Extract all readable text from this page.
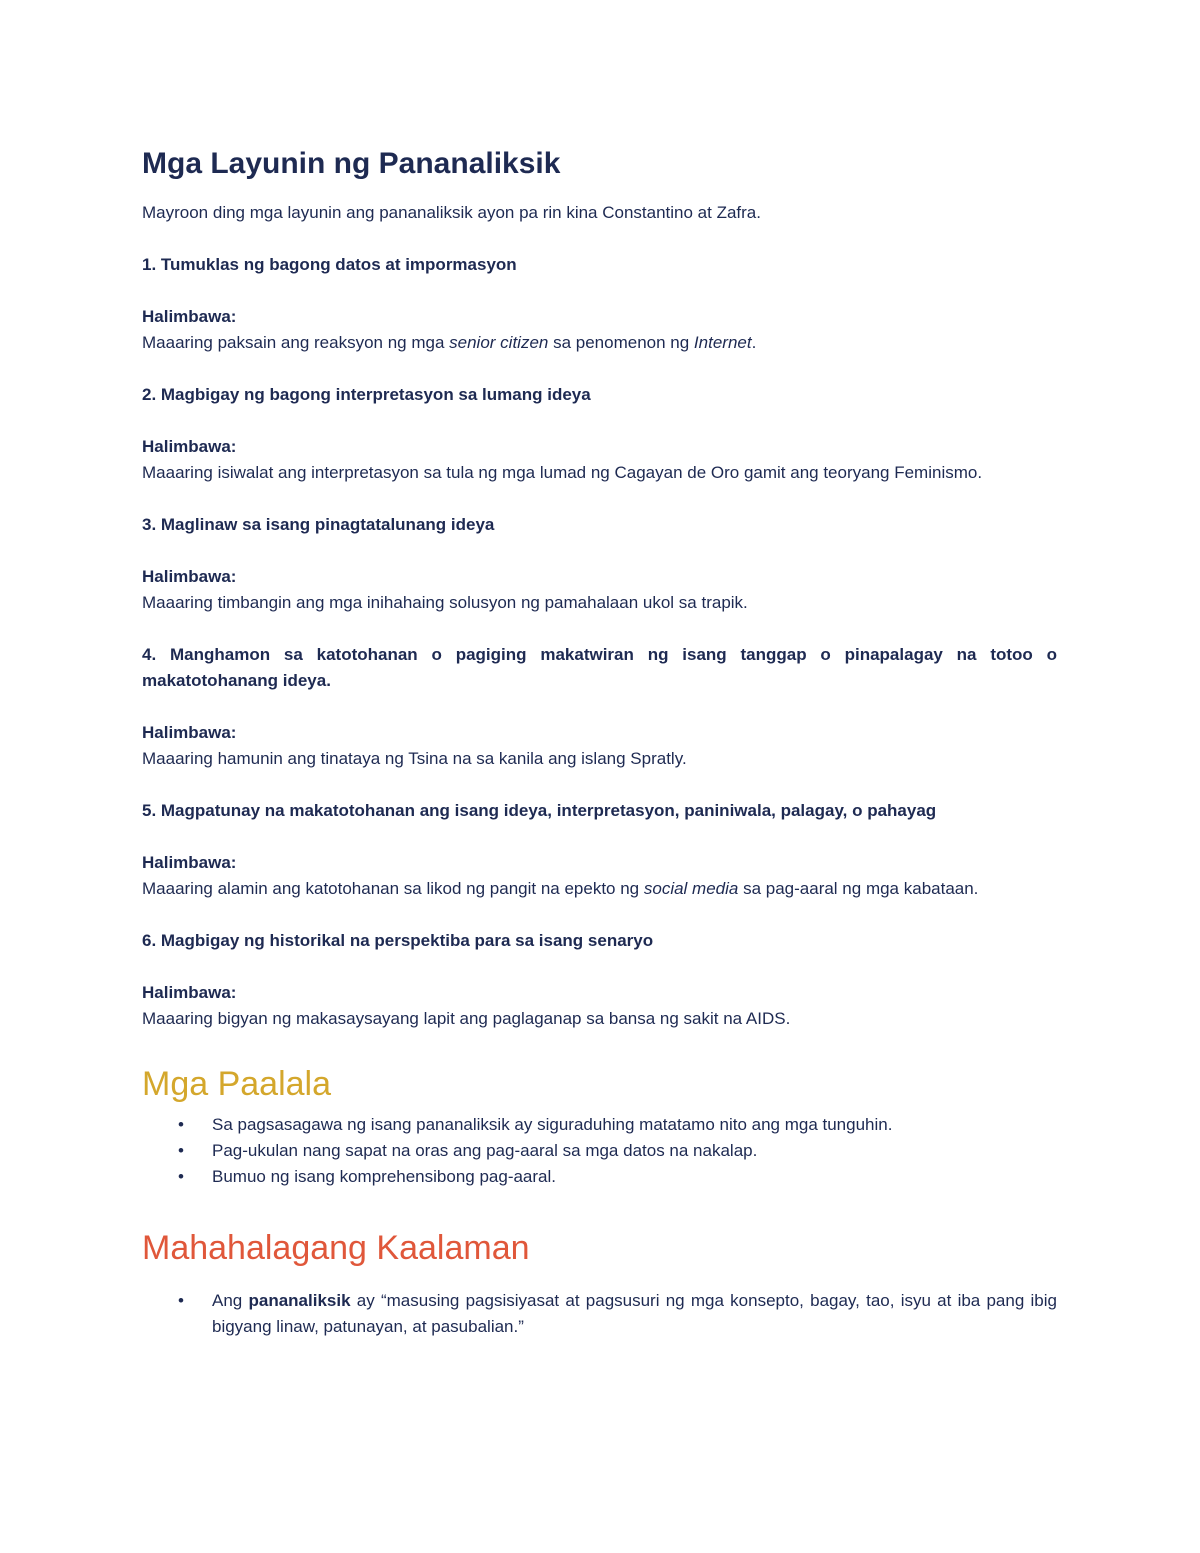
Mga Layunin ng Pananaliksik

Mayroon ding mga layunin ang pananaliksik ayon pa rin kina Constantino at Zafra.

1. Tumuklas ng bagong datos at impormasyon

Halimbawa:

Maaaring paksain ang reaksyon ng mga senior citizen sa penomenon ng Internet.

2. Magbigay ng bagong interpretasyon sa lumang ideya

Halimbawa:

Maaaring isiwalat ang interpretasyon sa tula ng mga lumad ng Cagayan de Oro gamit ang teoryang Feminismo.

3. Maglinaw sa isang pinagtatalunang ideya

Halimbawa:

Maaaring timbangin ang mga inihahaing solusyon ng pamahalaan ukol sa trapik.

4. Manghamon sa katotohanan o pagiging makatwiran ng isang tanggap o pinapalagay na totoo o makatotohanang ideya.

Halimbawa:

Maaaring hamunin ang tinataya ng Tsina na sa kanila ang islang Spratly.

5. Magpatunay na makatotohanan ang isang ideya, interpretasyon, paniniwala, palagay, o pahayag

Halimbawa:

Maaaring alamin ang katotohanan sa likod ng pangit na epekto ng social media sa pag-aaral ng mga kabataan.

6. Magbigay ng historikal na perspektiba para sa isang senaryo

Halimbawa:

Maaaring bigyan ng makasaysayang lapit ang paglaganap sa bansa ng sakit na AIDS.

Mga Paalala
• Sa pagsasagawa ng isang pananaliksik ay siguraduhing matatamo nito ang mga tunguhin.
• Pag-ukulan nang sapat na oras ang pag-aaral sa mga datos na nakalap.
• Bumuo ng isang komprehensibong pag-aaral.
Mahahalagang Kaalaman
• Ang pananaliksik ay “masusing pagsisiyasat at pagsusuri ng mga konsepto, bagay, tao, isyu at iba pang ibig bigyang linaw, patunayan, at pasubalian.”
